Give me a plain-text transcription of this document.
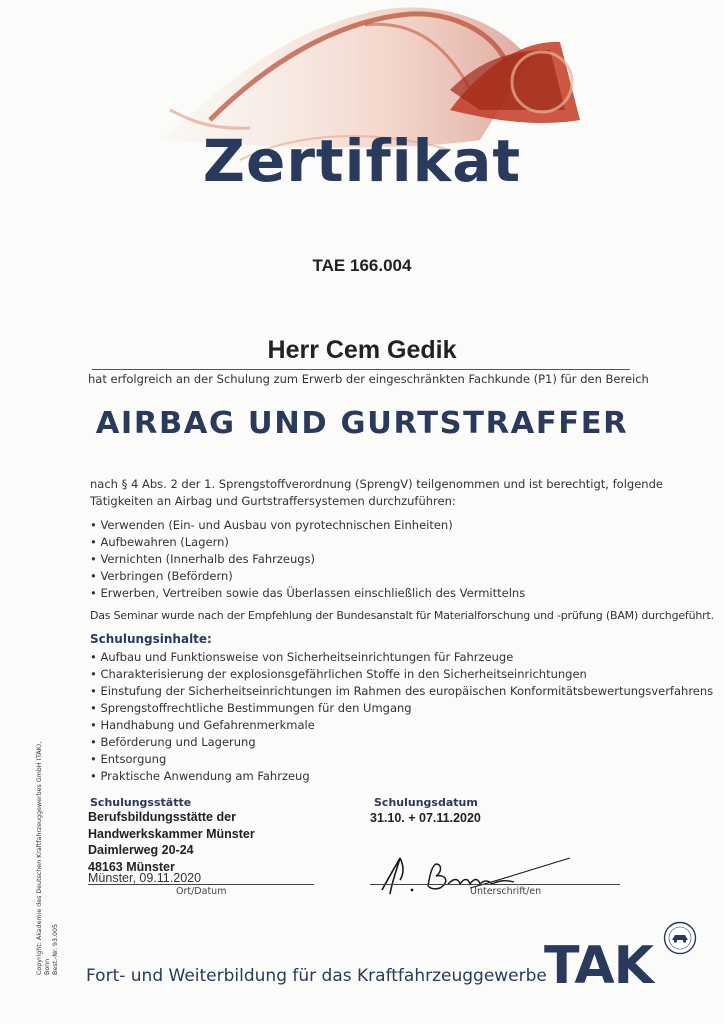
Zertifikat
TAE 166.004
Herr Cem Gedik
hat erfolgreich an der Schulung zum Erwerb der eingeschränkten Fachkunde (P1) für den Bereich
AIRBAG UND GURTSTRAFFER
nach § 4 Abs. 2 der 1. Sprengstoffverordnung (SprengV) teilgenommen und ist berechtigt, folgende
Tätigkeiten an Airbag und Gurtstraffersystemen durchzuführen:
• Verwenden (Ein- und Ausbau von pyrotechnischen Einheiten)
• Aufbewahren (Lagern)
• Vernichten (Innerhalb des Fahrzeugs)
• Verbringen (Befördern)
• Erwerben, Vertreiben sowie das Überlassen einschließlich des Vermittelns
Das Seminar wurde nach der Empfehlung der Bundesanstalt für Materialforschung und -prüfung (BAM) durchgeführt.
Schulungsinhalte:
• Aufbau und Funktionsweise von Sicherheitseinrichtungen für Fahrzeuge
• Charakterisierung der explosionsgefährlichen Stoffe in den Sicherheitseinrichtungen
• Einstufung der Sicherheitseinrichtungen im Rahmen des europäischen Konformitätsbewertungsverfahrens
• Sprengstoffrechtliche Bestimmungen für den Umgang
• Handhabung und Gefahrenmerkmale
• Beförderung und Lagerung
• Entsorgung
• Praktische Anwendung am Fahrzeug
Schulungsstätte
Berufsbildungsstätte der
Handwerkskammer Münster
Daimlerweg 20-24
48163 Münster
Schulungsdatum
31.10. + 07.11.2020
Münster, 09.11.2020
Ort/Datum	Unterschrift/en
Copyright: Akademie des Deutschen Kraftfahrzeuggewerbes GmbH (TAK), Bonn Best.-Nr. 93.005
Fort- und Weiterbildung für das Kraftfahrzeuggewerbe
TAK
